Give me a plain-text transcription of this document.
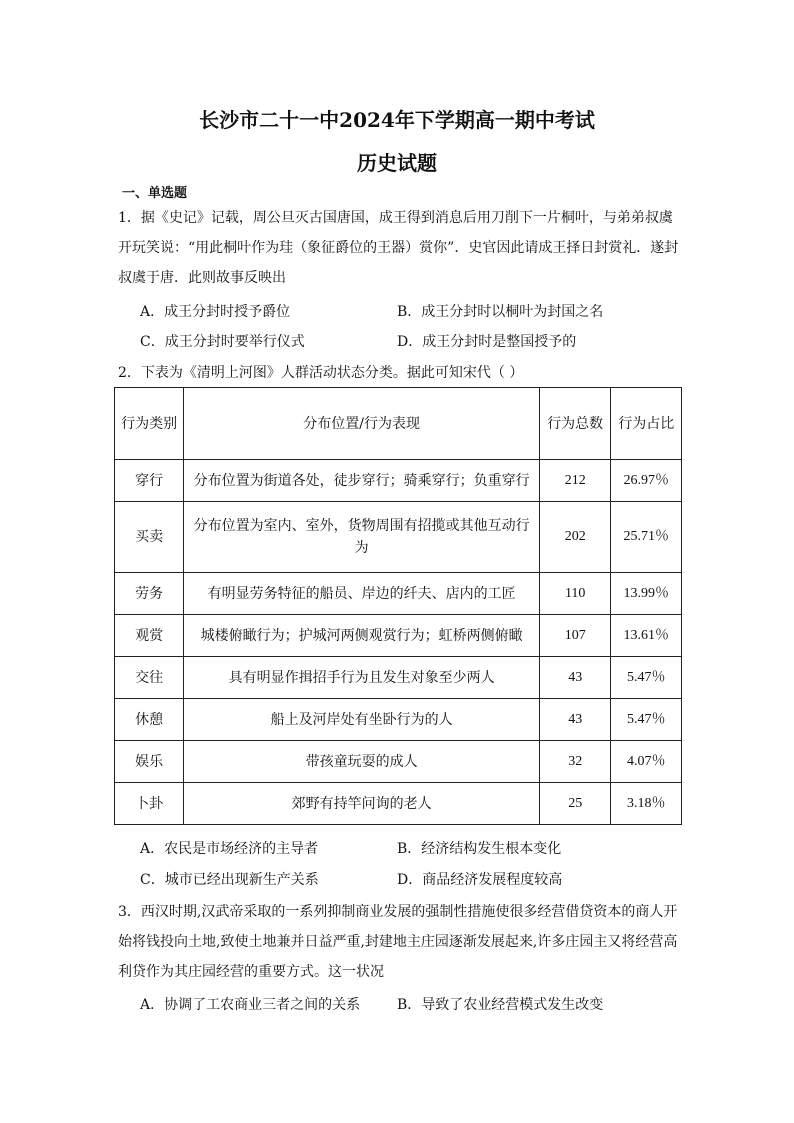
长沙市二十一中2024年下学期高一期中考试
历史试题
一、单选题
1．据《史记》记载，周公旦灭古国唐国，成王得到消息后用刀削下一片桐叶，与弟弟叔虞开玩笑说：“用此桐叶作为珪（象征爵位的王器）赏你”．史官因此请成王择日封赏礼．遂封叔虞于唐．此则故事反映出
A．成王分封时授予爵位	B．成王分封时以桐叶为封国之名
C．成王分封时要举行仪式	D．成王分封时是整国授予的
2．下表为《清明上河图》人群活动状态分类。据此可知宋代（ ）
行为类别	分布位置/行为表现	行为总数	行为占比
穿行	分布位置为街道各处，徒步穿行；骑乘穿行；负重穿行	212	26.97％
买卖	分布位置为室内、室外，货物周围有招揽或其他互动行为	202	25.71％
劳务	有明显劳务特征的船员、岸边的纤夫、店内的工匠	110	13.99％
观赏	城楼俯瞰行为；护城河两侧观赏行为；虹桥两侧俯瞰	107	13.61％
交往	具有明显作揖招手行为且发生对象至少两人	43	5.47％
休憩	船上及河岸处有坐卧行为的人	43	5.47％
娱乐	带孩童玩耍的成人	32	4.07％
卜卦	郊野有持竿问询的老人	25	3.18％
A．农民是市场经济的主导者	B．经济结构发生根本变化
C．城市已经出现新生产关系	D．商品经济发展程度较高
3．西汉时期,汉武帝采取的一系列抑制商业发展的强制性措施使很多经营借贷资本的商人开始将钱投向土地,致使土地兼并日益严重,封建地主庄园逐渐发展起来,许多庄园主又将经营高利贷作为其庄园经营的重要方式。这一状况
A．协调了工农商业三者之间的关系	B．导致了农业经营模式发生改变
